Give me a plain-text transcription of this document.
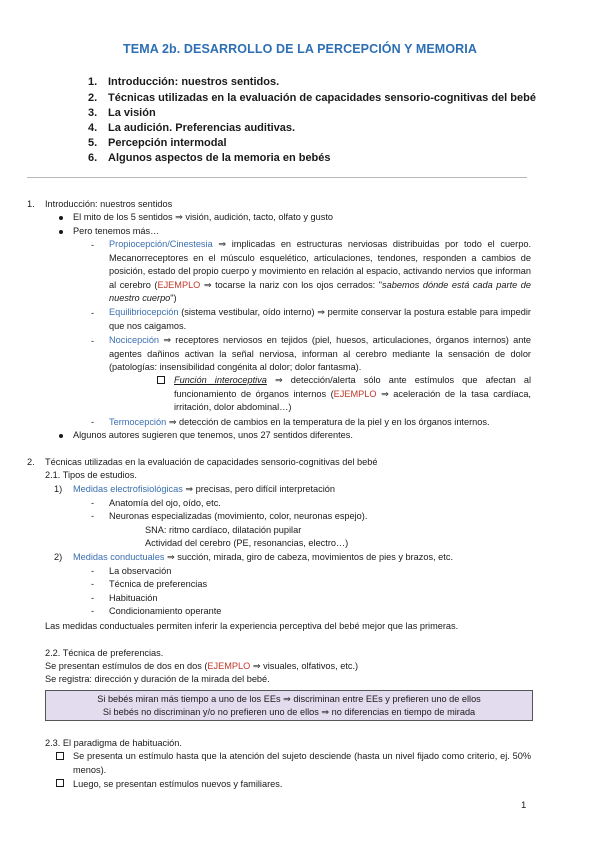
TEMA 2b. DESARROLLO DE LA PERCEPCIÓN Y MEMORIA
1. Introducción: nuestros sentidos.
2. Técnicas utilizadas en la evaluación de capacidades sensorio-cognitivas del bebé
3. La visión
4. La audición. Preferencias auditivas.
5. Percepción intermodal
6. Algunos aspectos de la memoria en bebés
1. Introducción: nuestros sentidos
El mito de los 5 sentidos ⇒ visión, audición, tacto, olfato y gusto
Pero tenemos más…
- Propiocepción/Cinestesia ⇒ implicadas en estructuras nerviosas distribuidas por todo el cuerpo. Mecanorreceptores en el músculo esquelético, articulaciones, tendones, responden a cambios de posición, estado del propio cuerpo y movimiento en relación al espacio, activando nervios que informan al cerebro (EJEMPLO ⇒ tocarse la nariz con los ojos cerrados: "sabemos dónde está cada parte de nuestro cuerpo")
- Equilibriocepción (sistema vestibular, oído interno) ⇒ permite conservar la postura estable para impedir que nos caigamos.
- Nocicepción ⇒ receptores nerviosos en tejidos (piel, huesos, articulaciones, órganos internos) ante agentes dañinos activan la señal nerviosa, informan al cerebro mediante la sensación de dolor (patologías: insensibilidad congénita al dolor; dolor fantasma).
Función interoceptiva ⇒ detección/alerta sólo ante estímulos que afectan al funcionamiento de órganos internos (EJEMPLO ⇒ aceleración de la tasa cardíaca, irritación, dolor abdominal…)
- Termocepción ⇒ detección de cambios en la temperatura de la piel y en los órganos internos.
Algunos autores sugieren que tenemos, unos 27 sentidos diferentes.
2. Técnicas utilizadas en la evaluación de capacidades sensorio-cognitivas del bebé
2.1. Tipos de estudios.
1) Medidas electrofisiológicas ⇒ precisas, pero difícil interpretación
- Anatomía del ojo, oído, etc.
- Neuronas especializadas (movimiento, color, neuronas espejo).
SNA: ritmo cardíaco, dilatación pupilar
Actividad del cerebro (PE, resonancias, electro…)
2) Medidas conductuales ⇒ succión, mirada, giro de cabeza, movimientos de pies y brazos, etc.
- La observación
- Técnica de preferencias
- Habituación
- Condicionamiento operante
Las medidas conductuales permiten inferir la experiencia perceptiva del bebé mejor que las primeras.
2.2. Técnica de preferencias.
Se presentan estímulos de dos en dos (EJEMPLO ⇒ visuales, olfativos, etc.)
Se registra: dirección y duración de la mirada del bebé.
Si bebés miran más tiempo a uno de los EEs ⇒ discriminan entre EEs y prefieren uno de ellos
Si bebés no discriminan y/o no prefieren uno de ellos ⇒ no diferencias en tiempo de mirada
2.3. El paradigma de habituación.
Se presenta un estímulo hasta que la atención del sujeto desciende (hasta un nivel fijado como criterio, ej. 50% menos).
Luego, se presentan estímulos nuevos y familiares.
1
